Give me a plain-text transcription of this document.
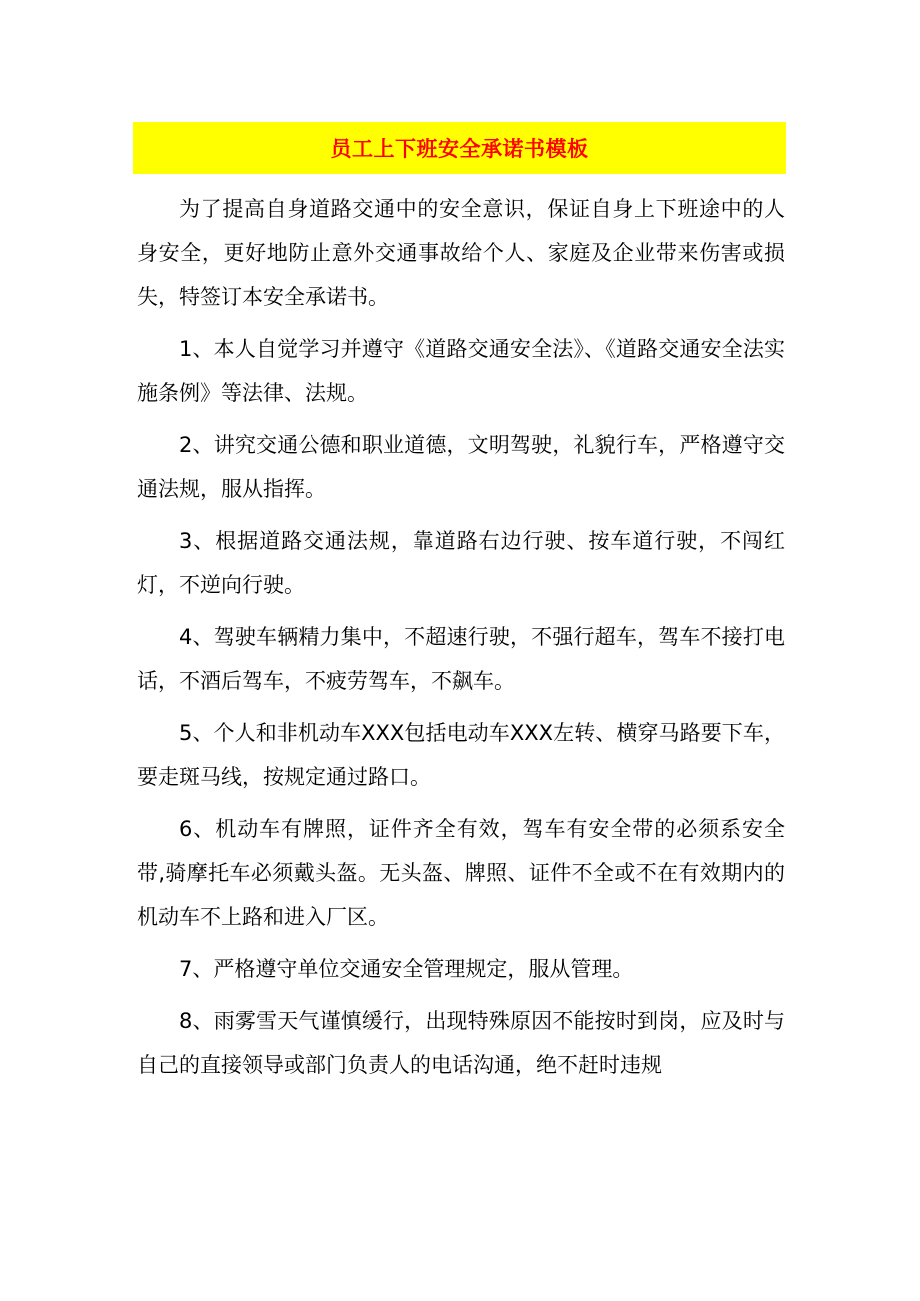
员工上下班安全承诺书模板

为了提高自身道路交通中的安全意识，保证自身上下班途中的人身安全，更好地防止意外交通事故给个人、家庭及企业带来伤害或损失，特签订本安全承诺书。

1、本人自觉学习并遵守《道路交通安全法》、《道路交通安全法实施条例》等法律、法规。

2、讲究交通公德和职业道德，文明驾驶，礼貌行车，严格遵守交通法规，服从指挥。

3、根据道路交通法规，靠道路右边行驶、按车道行驶，不闯红灯，不逆向行驶。

4、驾驶车辆精力集中，不超速行驶，不强行超车，驾车不接打电话，不酒后驾车，不疲劳驾车，不飙车。

5、个人和非机动车XXX包括电动车XXX左转、横穿马路要下车，要走斑马线，按规定通过路口。

6、机动车有牌照，证件齐全有效，驾车有安全带的必须系安全带,骑摩托车必须戴头盔。无头盔、牌照、证件不全或不在有效期内的机动车不上路和进入厂区。

7、严格遵守单位交通安全管理规定，服从管理。

8、雨雾雪天气谨慎缓行，出现特殊原因不能按时到岗，应及时与自己的直接领导或部门负责人的电话沟通，绝不赶时违规
